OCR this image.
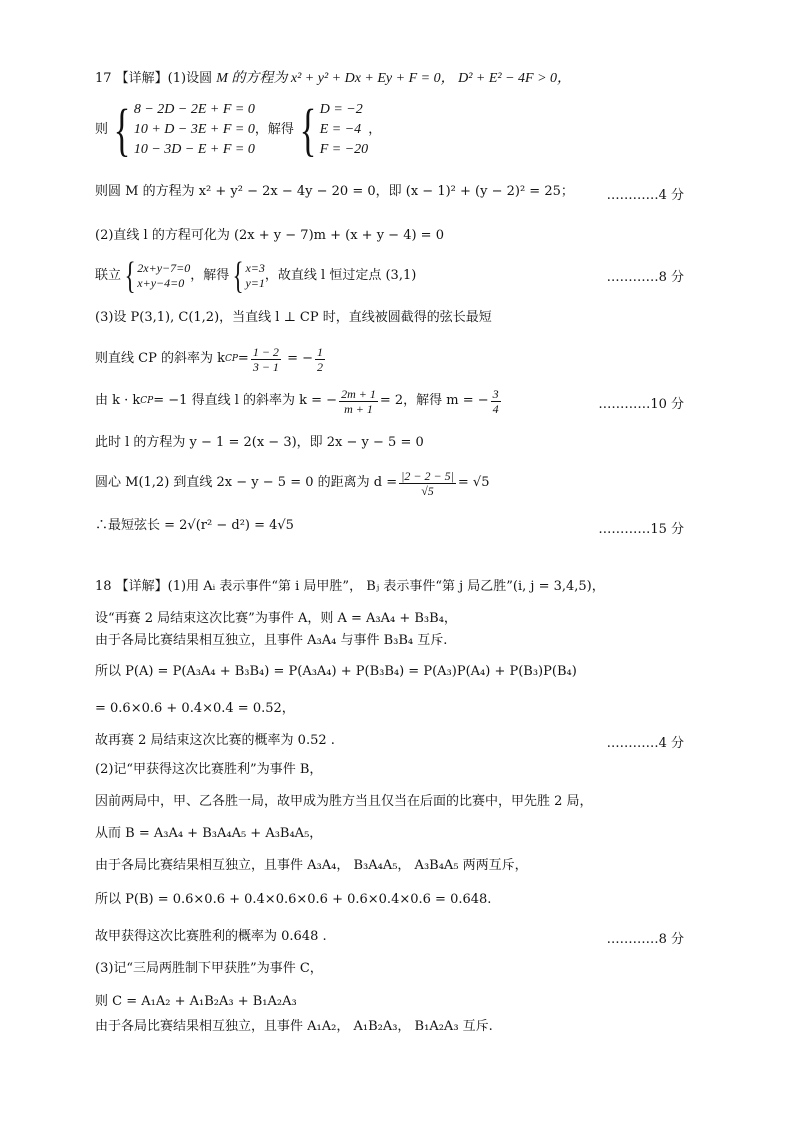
17 【详解】(1)设圆 M 的方程为 x² + y² + Dx + Ey + F = 0， D² + E² − 4F > 0，
则 { 8 − 2D − 2E + F = 0
10 + D − 3E + F = 0
10 − 3D − E + F = 0
，解得 { D = −2
E = −4
F = −20
，
则圆 M 的方程为 x² + y² − 2x − 4y − 20 = 0，即 (x − 1)² + (y − 2)² = 25；	…………4 分
(2)直线 l 的方程可化为 (2x + y − 7)m + (x + y − 4) = 0
联立 { 2x+y−7=0
x+y−4=0 ，解得 { x=3
y=1 ，故直线 l 恒过定点 (3,1)	…………8 分
(3)设 P(3,1), C(1,2)，当直线 l ⊥ CP 时，直线被圆截得的弦长最短
则直线 CP 的斜率为 k CP = $\frac{1 - 2}{3 - 1}$ = − $\frac{1}{2}$
由 k · k CP = −1 得直线 l 的斜率为 k = − $\frac{2m + 1}{m + 1} = 2$，解得 m = − $\frac{3}{4}$	…………10 分
此时 l 的方程为 y − 1 = 2(x − 3)，即 2x − y − 5 = 0
圆心 M(1,2) 到直线 2x − y − 5 = 0 的距离为 $d = \frac{|2 - 2 - 5|}{√5} = √5$
∴最短弦长 = 2√(r² − d²) = 4√5	…………15 分
18 【详解】(1)用 Aᵢ 表示事件“第 i 局甲胜”， Bⱼ 表示事件“第 j 局乙胜”(i, j = 3,4,5)，
设“再赛 2 局结束这次比赛”为事件 A，则 A = A₃A₄ + B₃B₄，
由于各局比赛结果相互独立，且事件 A₃A₄ 与事件 B₃B₄ 互斥.
所以 P(A) = P(A₃A₄ + B₃B₄) = P(A₃A₄) + P(B₃B₄) = P(A₃)P(A₄) + P(B₃)P(B₄)
= 0.6×0.6 + 0.4×0.4 = 0.52，
故再赛 2 局结束这次比赛的概率为 0.52 .	…………4 分
(2)记“甲获得这次比赛胜利”为事件 B，
因前两局中，甲、乙各胜一局，故甲成为胜方当且仅当在后面的比赛中，甲先胜 2 局，
从而 B = A₃A₄ + B₃A₄A₅ + A₃B₄A₅，
由于各局比赛结果相互独立，且事件 A₃A₄， B₃A₄A₅， A₃B₄A₅ 两两互斥，
所以 P(B) = 0.6×0.6 + 0.4×0.6×0.6 + 0.6×0.4×0.6 = 0.648.
故甲获得这次比赛胜利的概率为 0.648 .	…………8 分
(3)记“三局两胜制下甲获胜”为事件 C，
则 C = A₁A₂ + A₁B₂A₃ + B₁A₂A₃
由于各局比赛结果相互独立，且事件 A₁A₂， A₁B₂A₃， B₁A₂A₃ 互斥.
